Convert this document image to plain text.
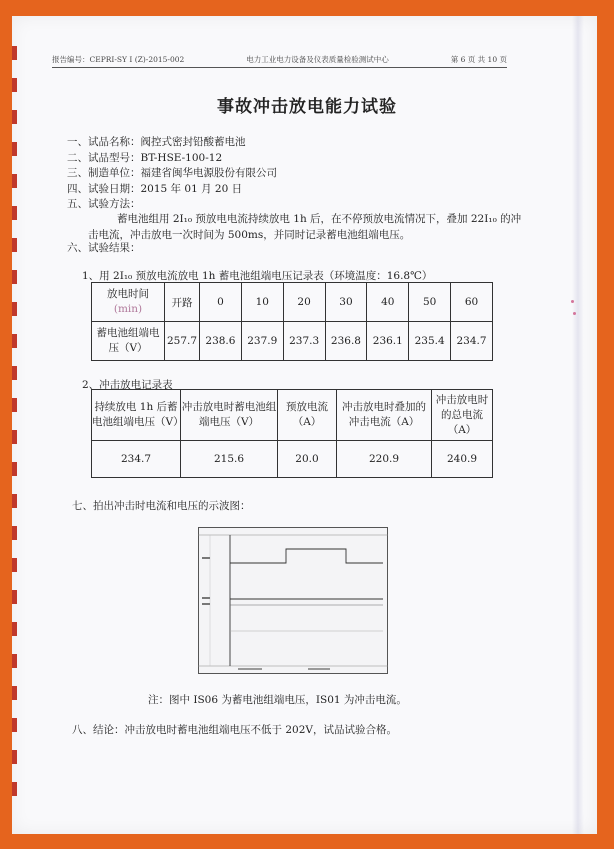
报告编号：CEPRI-SY I (Z)-2015-002	电力工业电力设备及仪表质量检验测试中心	第 6 页 共 10 页
事故冲击放电能力试验
一、试品名称：阀控式密封铅酸蓄电池
二、试品型号：BT-HSE-100-12
三、制造单位：福建省闽华电源股份有限公司
四、试验日期：2015 年 01 月 20 日
五、试验方法：
蓄电池组用 2I₁₀ 预放电电流持续放电 1h 后，在不停预放电流情况下，叠加 22I₁₀ 的冲击电流，冲击放电一次时间为 500ms，并同时记录蓄电池组端电压。
六、试验结果：
1、用 2I₁₀ 预放电流放电 1h 蓄电池组端电压记录表（环境温度：16.8℃）
放电时间
(min)	开路	0	10	20	30	40	50	60
蓄电池组端电压（V）	257.7	238.6	237.9	237.3	236.8	236.1	235.4	234.7
2、冲击放电记录表
持续放电 1h 后蓄电池组端电压（V）	冲击放电时蓄电池组端电压（V）	预放电流（A）	冲击放电时叠加的冲击电流（A）	冲击放电时的总电流（A）
234.7	215.6	20.0	220.9	240.9
七、拍出冲击时电流和电压的示波图：
注：图中 IS06 为蓄电池组端电压，IS01 为冲击电流。
八、结论：冲击放电时蓄电池组端电压不低于 202V，试品试验合格。
